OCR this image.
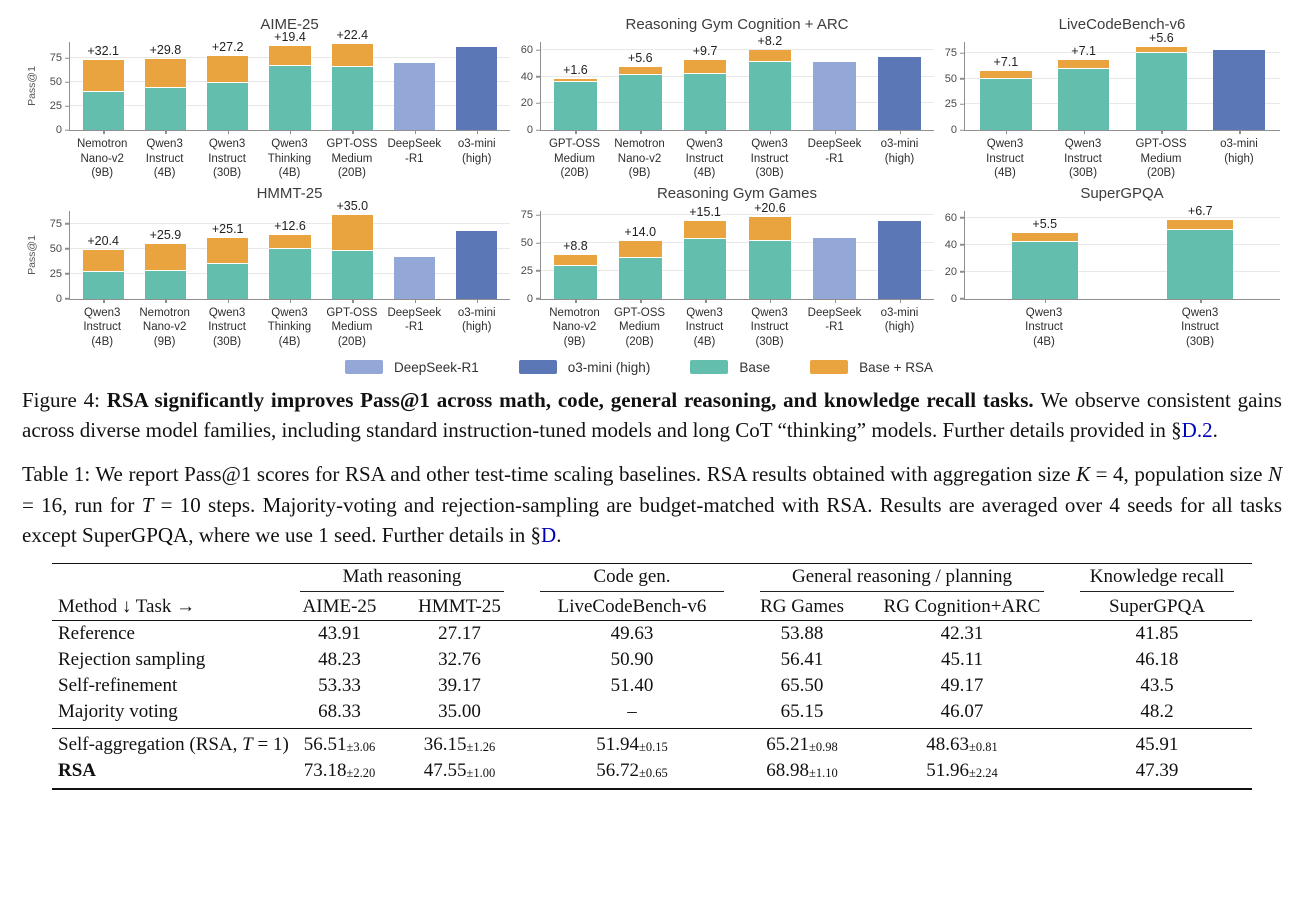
AIME-25
Pass@1
0
25
50
75
+32.1 +29.8 +27.2
+19.4 +22.4
Nemotron
Nano-v2
(9B)
Qwen3
Instruct
(4B)
Qwen3
Instruct
(30B)
Qwen3
Thinking
(4B)
GPT-OSS
Medium
(20B)
DeepSeek
-R1
o3-mini
(high)
Reasoning Gym Cognition + ARC
0
20
40
60
+1.6
+5.6
+9.7
+8.2
GPT-OSS
Medium
(20B)
Nemotron
Nano-v2
(9B)
Qwen3
Instruct
(4B)
Qwen3
Instruct
(30B)
DeepSeek
-R1
o3-mini
(high)
LiveCodeBench-v6
0
25
50
75
+7.1
+7.1
+5.6
Qwen3
Instruct
(4B)
Qwen3
Instruct
(30B)
GPT-OSS
Medium
(20B)
o3-mini
(high)
HMMT-25
Pass@1
0
25
50
75
+20.4 +25.9 +25.1 +12.6
+35.0
Qwen3
Instruct
(4B)
Nemotron
Nano-v2
(9B)
Qwen3
Instruct
(30B)
Qwen3
Thinking
(4B)
GPT-OSS
Medium
(20B)
DeepSeek
-R1
o3-mini
(high)
Reasoning Gym Games
0
25
50
75
+8.8
+14.0
+15.1	+20.6
Nemotron
Nano-v2
(9B)
GPT-OSS
Medium
(20B)
Qwen3
Instruct
(4B)
Qwen3
Instruct
(30B)
DeepSeek
-R1
o3-mini
(high)
SuperGPQA
0
20
40
60	+5.5
+6.7
Qwen3
Instruct
(4B)
Qwen3
Instruct
(30B)
DeepSeek-R1	o3-mini (high)	Base	Base + RSA

Figure 4: RSA significantly improves Pass@1 across math, code, general reasoning, and knowledge recall tasks. We observe consistent gains across diverse model families, including standard instruction-tuned models and long CoT “thinking” models. Further details provided in §D.2.

Table 1: We report Pass@1 scores for RSA and other test-time scaling baselines. RSA results obtained with aggregation size K = 4, population size N = 16, run for T = 10 steps. Majority-voting and rejection-sampling are budget-matched with RSA. Results are averaged over 4 seeds for all tasks except SuperGPQA, where we use 1 seed. Further details in §D.

	Math reasoning		Code gen.	General reasoning / planning		Knowledge recall

Method ↓ Task →	AIME-25	HMMT-25	LiveCodeBench-v6	RG Games	RG Cognition+ARC	SuperGPQA
Reference	43.91	27.17	49.63	53.88	42.31	41.85
Rejection sampling	48.23	32.76	50.90	56.41	45.11	46.18
Self-refinement	53.33	39.17	51.40	65.50	49.17	43.5
Majority voting	68.33	35.00	–	65.15	46.07	48.2
Self-aggregation (RSA, T = 1)	56.51±3.06	36.15±1.26	51.94±0.15	65.21±0.98	48.63±0.81	45.91
RSA	73.18±2.20	47.55±1.00	56.72±0.65	68.98±1.10	51.96±2.24	47.39
